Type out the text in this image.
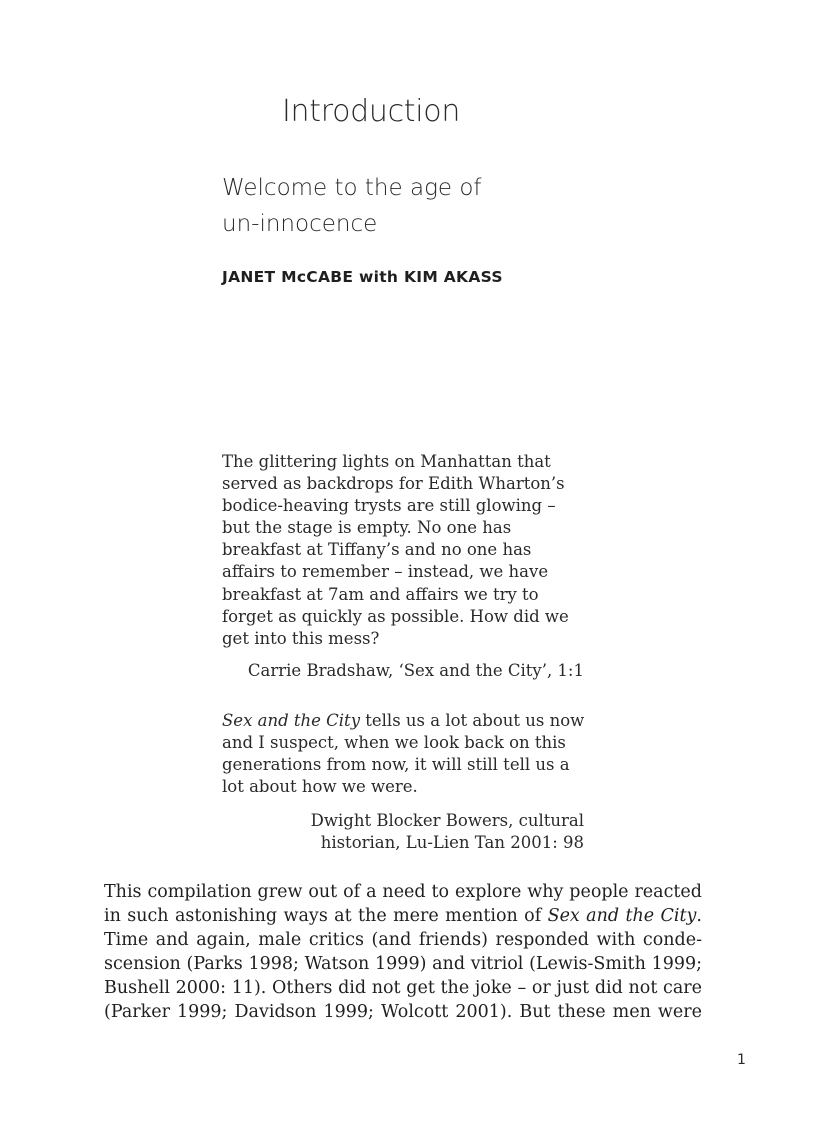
Introduction
Welcome to the age of
un-innocence

JANET McCABE with KIM AKASS

The glittering lights on Manhattan that
served as backdrops for Edith Wharton’s
bodice-heaving trysts are still glowing –
but the stage is empty. No one has
breakfast at Tiffany’s and no one has
affairs to remember – instead, we have
breakfast at 7am and affairs we try to
forget as quickly as possible. How did we
get into this mess?

Carrie Bradshaw, ‘Sex and the City’, 1:1

Sex and the City tells us a lot about us now
and I suspect, when we look back on this
generations from now, it will still tell us a
lot about how we were.

Dwight Blocker Bowers, cultural
historian, Lu-Lien Tan 2001: 98

This compilation grew out of a need to explore why people reacted
in such astonishing ways at the mere mention of Sex and the City.
Time and again, male critics (and friends) responded with conde-
scension (Parks 1998; Watson 1999) and vitriol (Lewis-Smith 1999;
Bushell 2000: 11). Others did not get the joke – or just did not care
(Parker 1999; Davidson 1999; Wolcott 2001). But these men were
1
